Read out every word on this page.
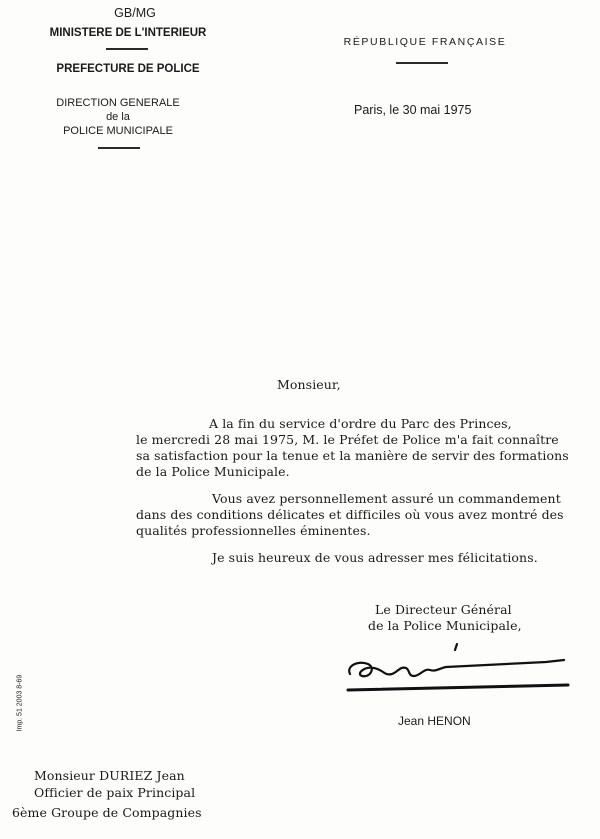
GB/MG
MINISTERE DE L'INTERIEUR
PREFECTURE DE POLICE
DIRECTION GENERALE
de la
POLICE MUNICIPALE
RÉPUBLIQUE FRANÇAISE
Paris, le 30 mai 1975
Monsieur,
A la fin du service d'ordre du Parc des Princes,
le mercredi 28 mai 1975, M. le Préfet de Police m'a fait connaître
sa satisfaction pour la tenue et la manière de servir des formations
de la Police Municipale.
Vous avez personnellement assuré un commandement
dans des conditions délicates et difficiles où vous avez montré des
qualités professionnelles éminentes.
Je suis heureux de vous adresser mes félicitations.
Le Directeur Général
de la Police Municipale,
Jean HENON
Imp. 51 2003 8-69
Monsieur DURIEZ Jean
Officier de paix Principal
6ème Groupe de Compagnies
